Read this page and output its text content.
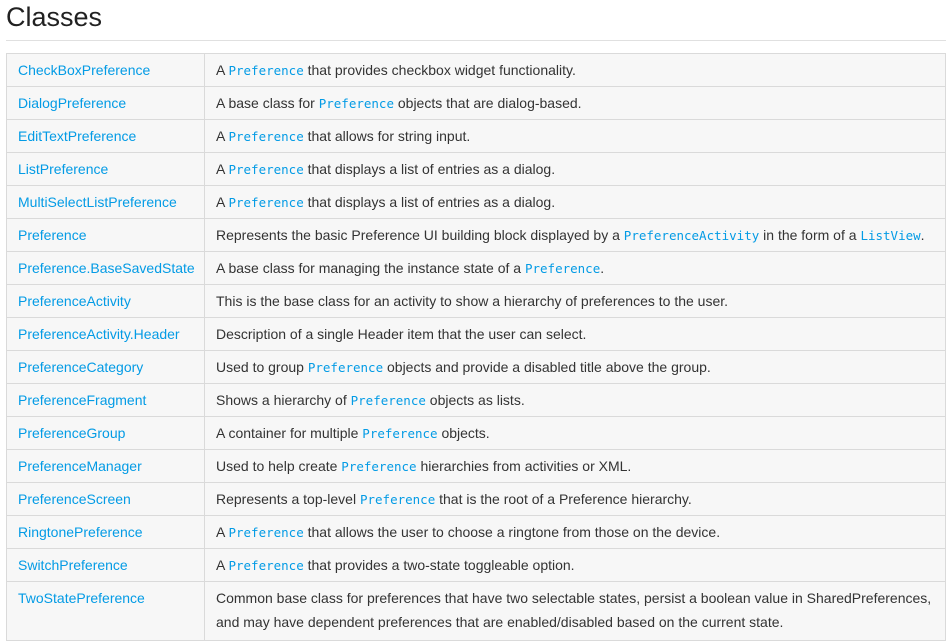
Classes
CheckBoxPreference	A Preference that provides checkbox widget functionality.
DialogPreference	A base class for Preference objects that are dialog-based.
EditTextPreference	A Preference that allows for string input.
ListPreference	A Preference that displays a list of entries as a dialog.
MultiSelectListPreference	A Preference that displays a list of entries as a dialog.
Preference	Represents the basic Preference UI building block displayed by a PreferenceActivity in the form of a ListView.
Preference.BaseSavedState	A base class for managing the instance state of a Preference.
PreferenceActivity	This is the base class for an activity to show a hierarchy of preferences to the user.
PreferenceActivity.Header	Description of a single Header item that the user can select.
PreferenceCategory	Used to group Preference objects and provide a disabled title above the group.
PreferenceFragment	Shows a hierarchy of Preference objects as lists.
PreferenceGroup	A container for multiple Preference objects.
PreferenceManager	Used to help create Preference hierarchies from activities or XML.
PreferenceScreen	Represents a top-level Preference that is the root of a Preference hierarchy.
RingtonePreference	A Preference that allows the user to choose a ringtone from those on the device.
SwitchPreference	A Preference that provides a two-state toggleable option.
TwoStatePreference	Common base class for preferences that have two selectable states, persist a boolean value in SharedPreferences, and may have dependent preferences that are enabled/disabled based on the current state.
